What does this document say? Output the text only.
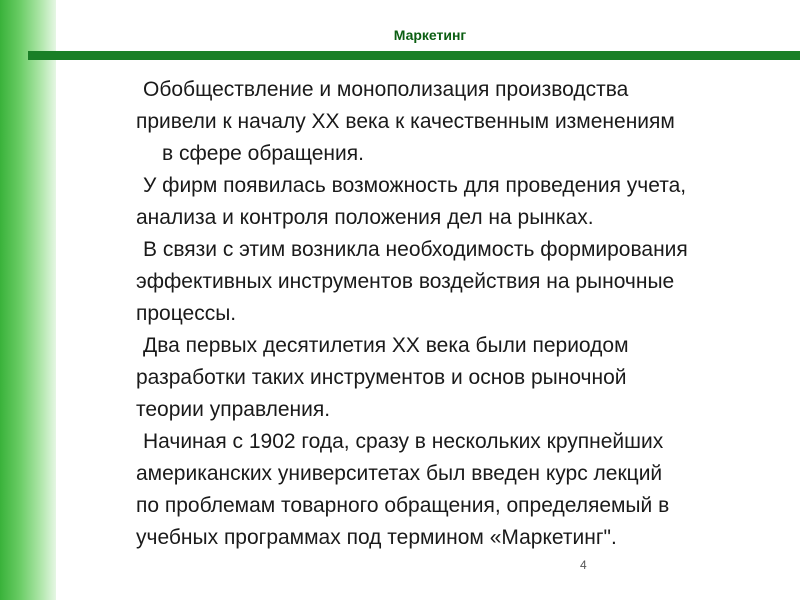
Маркетинг
Обобществление и монополизация производства
привели к началу XX века к качественным изменениям
в сфере обращения.
У фирм появилась возможность для проведения учета,
анализа и контроля положения дел на рынках.
В связи с этим возникла необходимость формирования
эффективных инструментов воздействия на рыночные
процессы.
Два первых десятилетия XX века были периодом
разработки таких инструментов и основ рыночной
теории управления.
Начиная с 1902 года, сразу в нескольких крупнейших
американских университетах был введен курс лекций
по проблемам товарного обращения, определяемый в
учебных программах под термином «Маркетинг".
4
